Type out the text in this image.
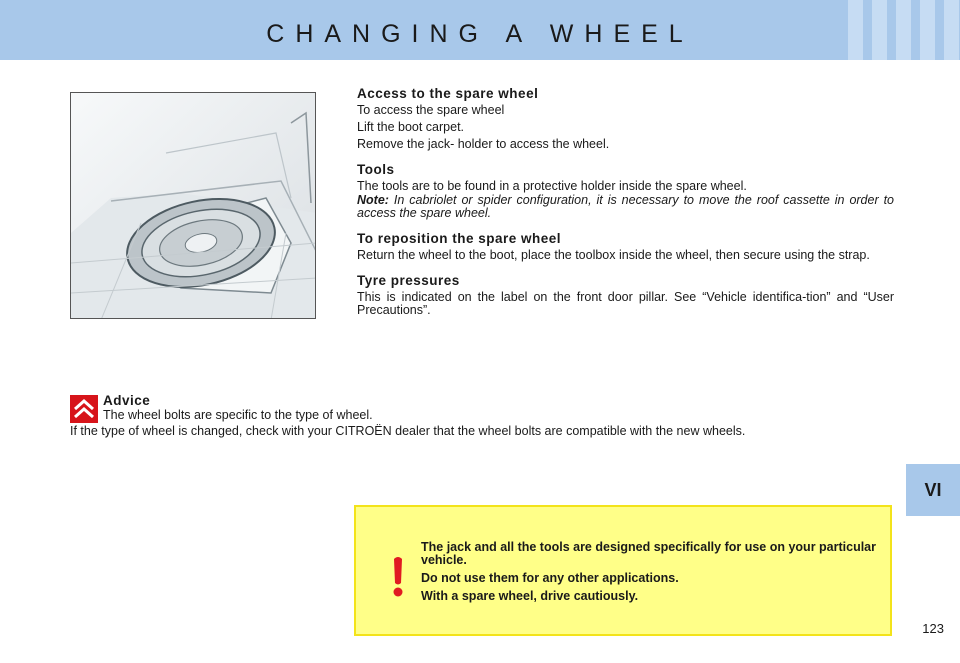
CHANGING A WHEEL
Access to the spare wheel
To access the spare wheel
Lift the boot carpet.
Remove the jack- holder to access the wheel.
Tools
The tools are to be found in a protective holder inside the spare wheel.
Note: In cabriolet or spider configuration, it is necessary to move the roof cassette in order to access the spare wheel.
To reposition the spare wheel
Return the wheel to the boot, place the toolbox inside the wheel, then secure using the strap.
Tyre pressures
This is indicated on the label on the front door pillar. See “Vehicle identifica-tion” and “User Precautions”.
Advice
The wheel bolts are specific to the type of wheel.
If the type of wheel is changed, check with your CITROËN dealer that the wheel bolts are compatible with the new wheels.
The jack and all the tools are designed specifically for use on your particular vehicle.
Do not use them for any other applications.
With a spare wheel, drive cautiously.
VI
123
